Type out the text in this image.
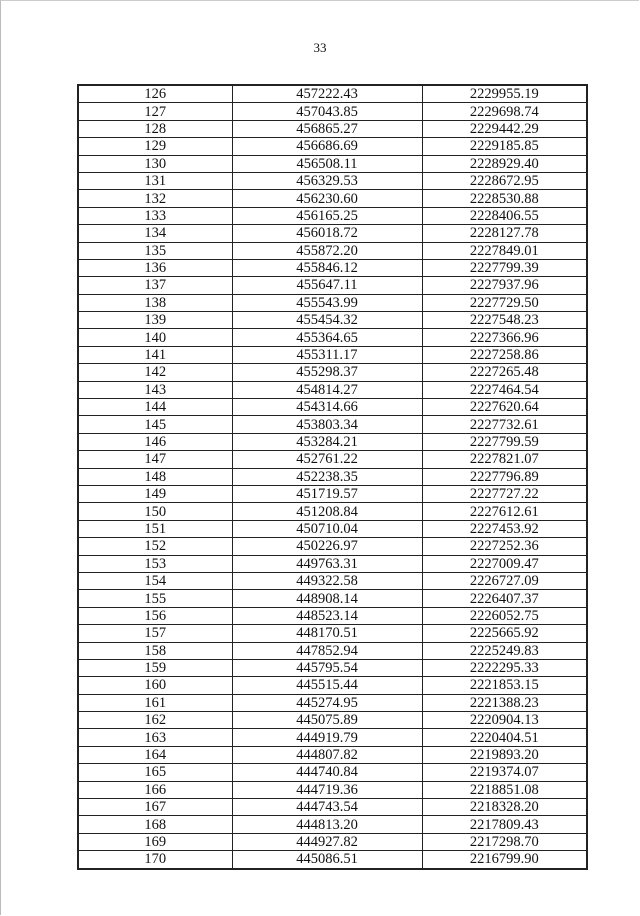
33
126	457222.43	2229955.19
127	457043.85	2229698.74
128	456865.27	2229442.29
129	456686.69	2229185.85
130	456508.11	2228929.40
131	456329.53	2228672.95
132	456230.60	2228530.88
133	456165.25	2228406.55
134	456018.72	2228127.78
135	455872.20	2227849.01
136	455846.12	2227799.39
137	455647.11	2227937.96
138	455543.99	2227729.50
139	455454.32	2227548.23
140	455364.65	2227366.96
141	455311.17	2227258.86
142	455298.37	2227265.48
143	454814.27	2227464.54
144	454314.66	2227620.64
145	453803.34	2227732.61
146	453284.21	2227799.59
147	452761.22	2227821.07
148	452238.35	2227796.89
149	451719.57	2227727.22
150	451208.84	2227612.61
151	450710.04	2227453.92
152	450226.97	2227252.36
153	449763.31	2227009.47
154	449322.58	2226727.09
155	448908.14	2226407.37
156	448523.14	2226052.75
157	448170.51	2225665.92
158	447852.94	2225249.83
159	445795.54	2222295.33
160	445515.44	2221853.15
161	445274.95	2221388.23
162	445075.89	2220904.13
163	444919.79	2220404.51
164	444807.82	2219893.20
165	444740.84	2219374.07
166	444719.36	2218851.08
167	444743.54	2218328.20
168	444813.20	2217809.43
169	444927.82	2217298.70
170	445086.51	2216799.90
